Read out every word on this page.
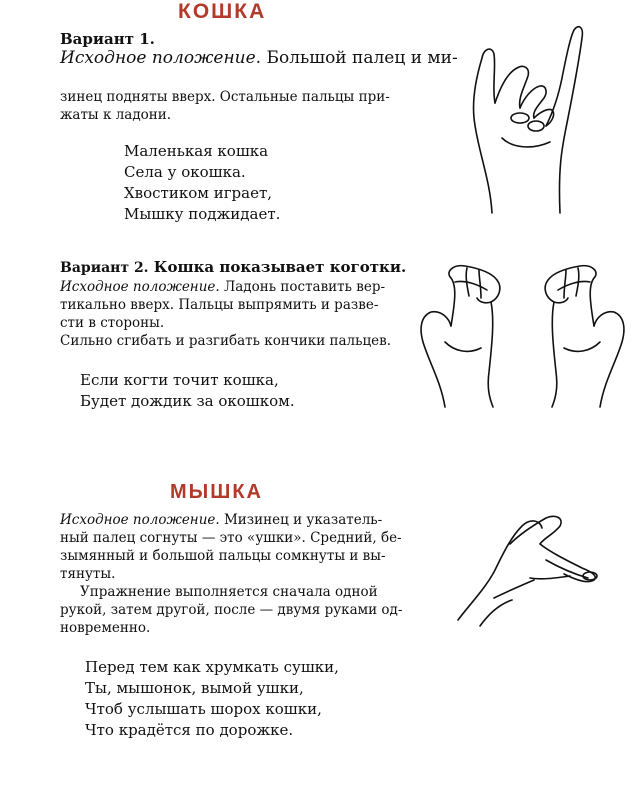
КОШКА
Вариант 1.
Исходное положение. Большой палец и ми-
зинец подняты вверх. Остальные пальцы при-
жаты к ладони.
Маленькая кошка
Села у окошка.
Хвостиком играет,
Мышку поджидает.
Вариант 2. Кошка показывает коготки.
Исходное положение. Ладонь поставить вер-
тикально вверх. Пальцы выпрямить и разве-
сти в стороны.
Сильно сгибать и разгибать кончики пальцев.
Если когти точит кошка,
Будет дождик за окошком.
МЫШКА
Исходное положение. Мизинец и указатель-
ный палец согнуты — это «ушки». Средний, бе-
зымянный и большой пальцы сомкнуты и вы-
тянуты.
Упражнение выполняется сначала одной
рукой, затем другой, после — двумя руками од-
новременно.
Перед тем как хрумкать сушки,
Ты, мышонок, вымой ушки,
Чтоб услышать шорох кошки,
Что крадётся по дорожке.
